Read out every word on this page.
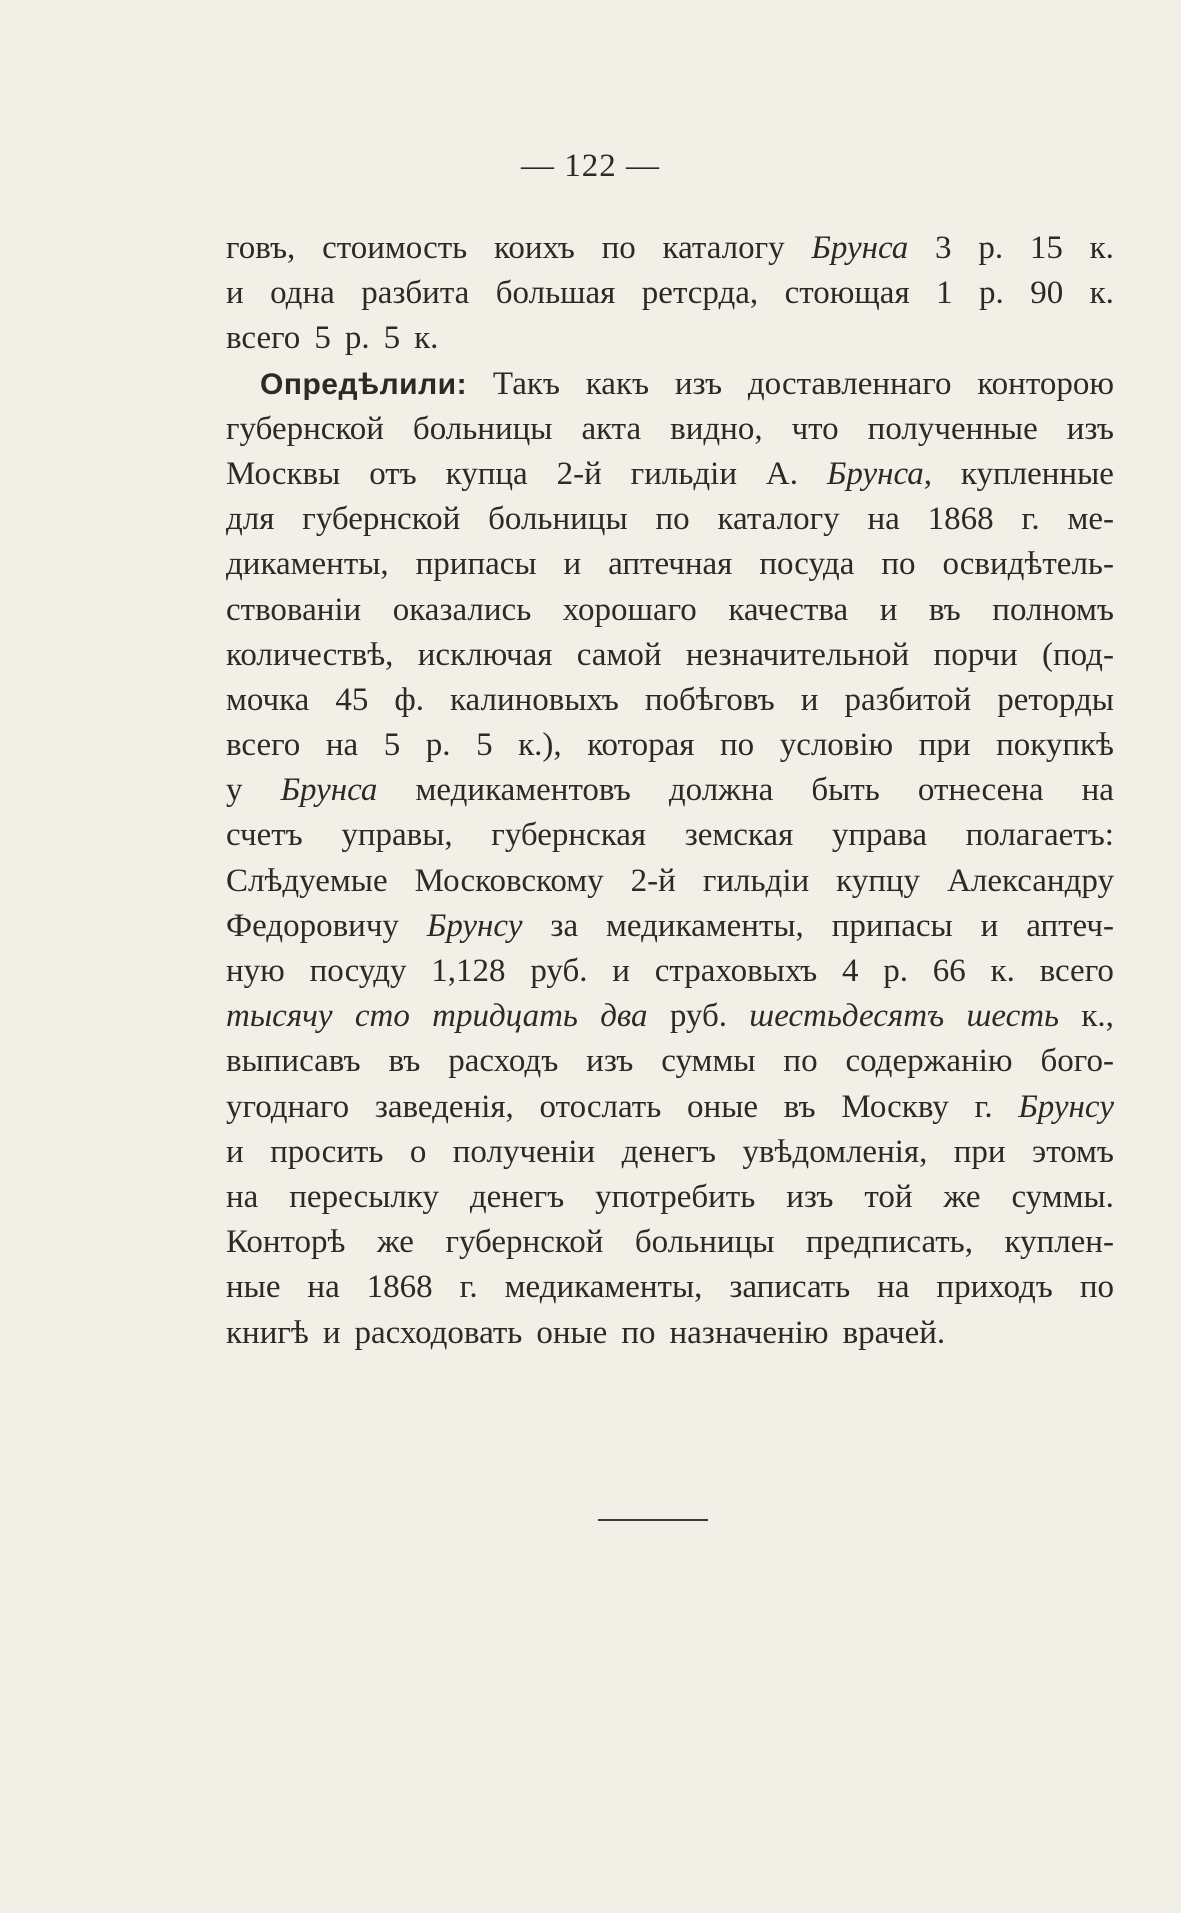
— 122 —
говъ, стоимость коихъ по каталогу Брунса 3 р. 15 к.
и одна разбита большая ретсрда, стоющая 1 р. 90 к.
всего 5 р. 5 к.
Опредѣлили: Такъ какъ изъ доставленнаго конторою
губернской больницы акта видно, что полученные изъ
Москвы отъ купца 2-й гильдіи А. Брунса, купленные
для губернской больницы по каталогу на 1868 г. ме-
дикаменты, припасы и аптечная посуда по освидѣтель-
ствованіи оказались хорошаго качества и въ полномъ
количествѣ, исключая самой незначительной порчи (под-
мочка 45 ф. калиновыхъ побѣговъ и разбитой реторды
всего на 5 р. 5 к.), которая по условію при покупкѣ
у Брунса медикаментовъ должна быть отнесена на
счетъ управы, губернская земская управа полагаетъ:
Слѣдуемые Московскому 2-й гильдіи купцу Александру
Федоровичу Брунсу за медикаменты, припасы и аптеч-
ную посуду 1,128 руб. и страховыхъ 4 р. 66 к. всего
тысячу сто тридцать два руб. шестьдесятъ шесть к.,
выписавъ въ расходъ изъ суммы по содержанію бого-
угоднаго заведенія, отослать оные въ Москву г. Брунсу
и просить о полученіи денегъ увѣдомленія, при этомъ
на пересылку денегъ употребить изъ той же суммы.
Конторѣ же губернской больницы предписать, куплен-
ные на 1868 г. медикаменты, записать на приходъ по
книгѣ и расходовать оные по назначенію врачей.
